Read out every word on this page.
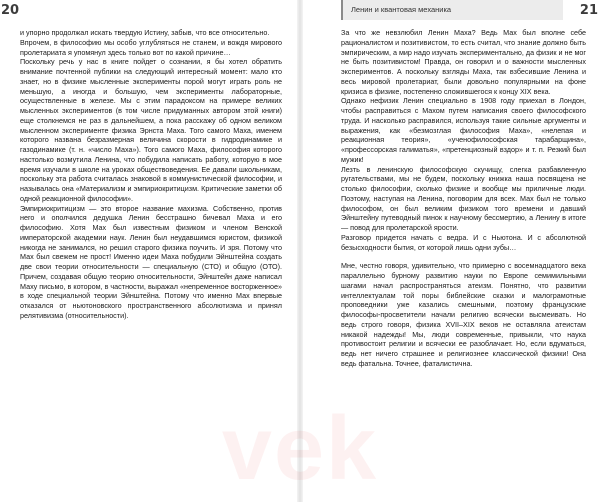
20

и упорно продолжал искать твердую Истину, забыв, что все относительно.

Впрочем, в философию мы особо углубляться не станем, и вождя мирового пролетариата я упомянул здесь только вот по какой причине…

Поскольку речь у нас в книге пойдет о сознании, я бы хотел обратить внимание почтенной публики на следующий интересный момент: мало кто знает, но в физике мысленные эксперименты порой могут играть роль не меньшую, а иногда и большую, чем эксперименты лабораторные, осуществленные в железе. Мы с этим парадоксом на примере великих мысленных экспериментов (в том числе придуманных автором этой книги) еще столкнемся не раз в дальнейшем, а пока расскажу об одном великом мысленном эксперименте физика Эрнста Маха. Того самого Маха, именем которого названа безразмерная величина скорости в гидродинамике и газодинамике (т. н. «число Маха»). Того самого Маха, философия которого настолько возмутила Ленина, что побудила написать работу, которую в мое время изучали в школе на уроках обществоведения. Ее давали школьникам, поскольку эта работа считалась знаковой в коммунистической философии, и называлась она «Материализм и эмпириокритицизм. Критические заметки об одной реакционной философии».

Эмпириокритицизм — это второе название махизма. Собственно, против него и ополчился дедушка Ленин бесстрашно бичевал Маха и его философию. Хотя Мах был известным физиком и членом Венской императорской академии наук. Ленин был неудавшимся юристом, физикой никогда не занимался, но решил старого физика поучить. И зря. Потому что Мах был свежем не прост! Именно идеи Маха побудили Эйнштейна создать две свои теории относительности — специальную (СТО) и общую (ОТО). Причем, создавая общую теорию относительности, Эйнштейн даже написал Маху письмо, в котором, в частности, выражал «непременное восторженное» в ходе специальной теории Эйнштейна. Потому что именно Мах впервые отказался от ньютоновского пространственного абсолютизма и принял релятивизма (относительности).

Ленин и квантовая механика	21

За что же невзлюбил Ленин Маха? Ведь Мах был вполне себе рационалистом и позитивистом, то есть считал, что знание должно быть эмпирическим, а мир надо изучать экспериментально, да физик и не мог не быть позитивистом! Правда, он говорил и о важности мысленных экспериментов. А поскольку взгляды Маха, так взбесившие Ленина и весь мировой пролетариат, были довольно популярными на фоне кризиса в физике, постепенно сложившегося к концу XIX века.

Однако нефизик Ленин специально в 1908 году приехал в Лондон, чтобы расправиться с Махом путем написания своего философского труда. И насколько расправился, используя такие сильные аргументы и выражения, как «безмозглая философия Маха», «нелепая и реакционная теория», «ученофилософская тарабарщина», «профессорская галиматья», «претенциозный вздор» и т. п. Резкий был мужик!

Лезть в ленинскую философскую скучищу, слегка разбавленную ругательствами, мы не будем, поскольку книжка наша посвящена не столько философии, сколько физике и вообще мы приличные люди. Поэтому, наступая на Ленина, поговорим для всех. Мах был не только философом, он был великим физиком того времени и давший Эйнштейну путеводный пинок к научному бессмертию, а Ленину в итоге — повод для пролетарской ярости.

Разговор придется начать с ведра. И с Ньютона. И с абсолютной безысходности бытия, от которой лишь одни зубы…

Мне, честно говоря, удивительно, что примерно с восемнадцатого века параллельно бурному развитию науки по Европе семимильными шагами начал распространяться атеизм. Понятно, что развитии интеллектуалам той поры библейские сказки и малограмотные проповедники уже казались смешными, поэтому французские философы-просветители начали религию всячески высмеивать. Но ведь строго говоря, физика XVII–XIX веков не оставляла атеистам никакой надежды! Мы, люди современные, привыкли, что наука противостоит религии и всячески ее разоблачает. Но, если вдуматься, ведь нет ничего страшнее и религиознее классической физики! Она ведь фатальна. Точнее, фаталистична.

vek
